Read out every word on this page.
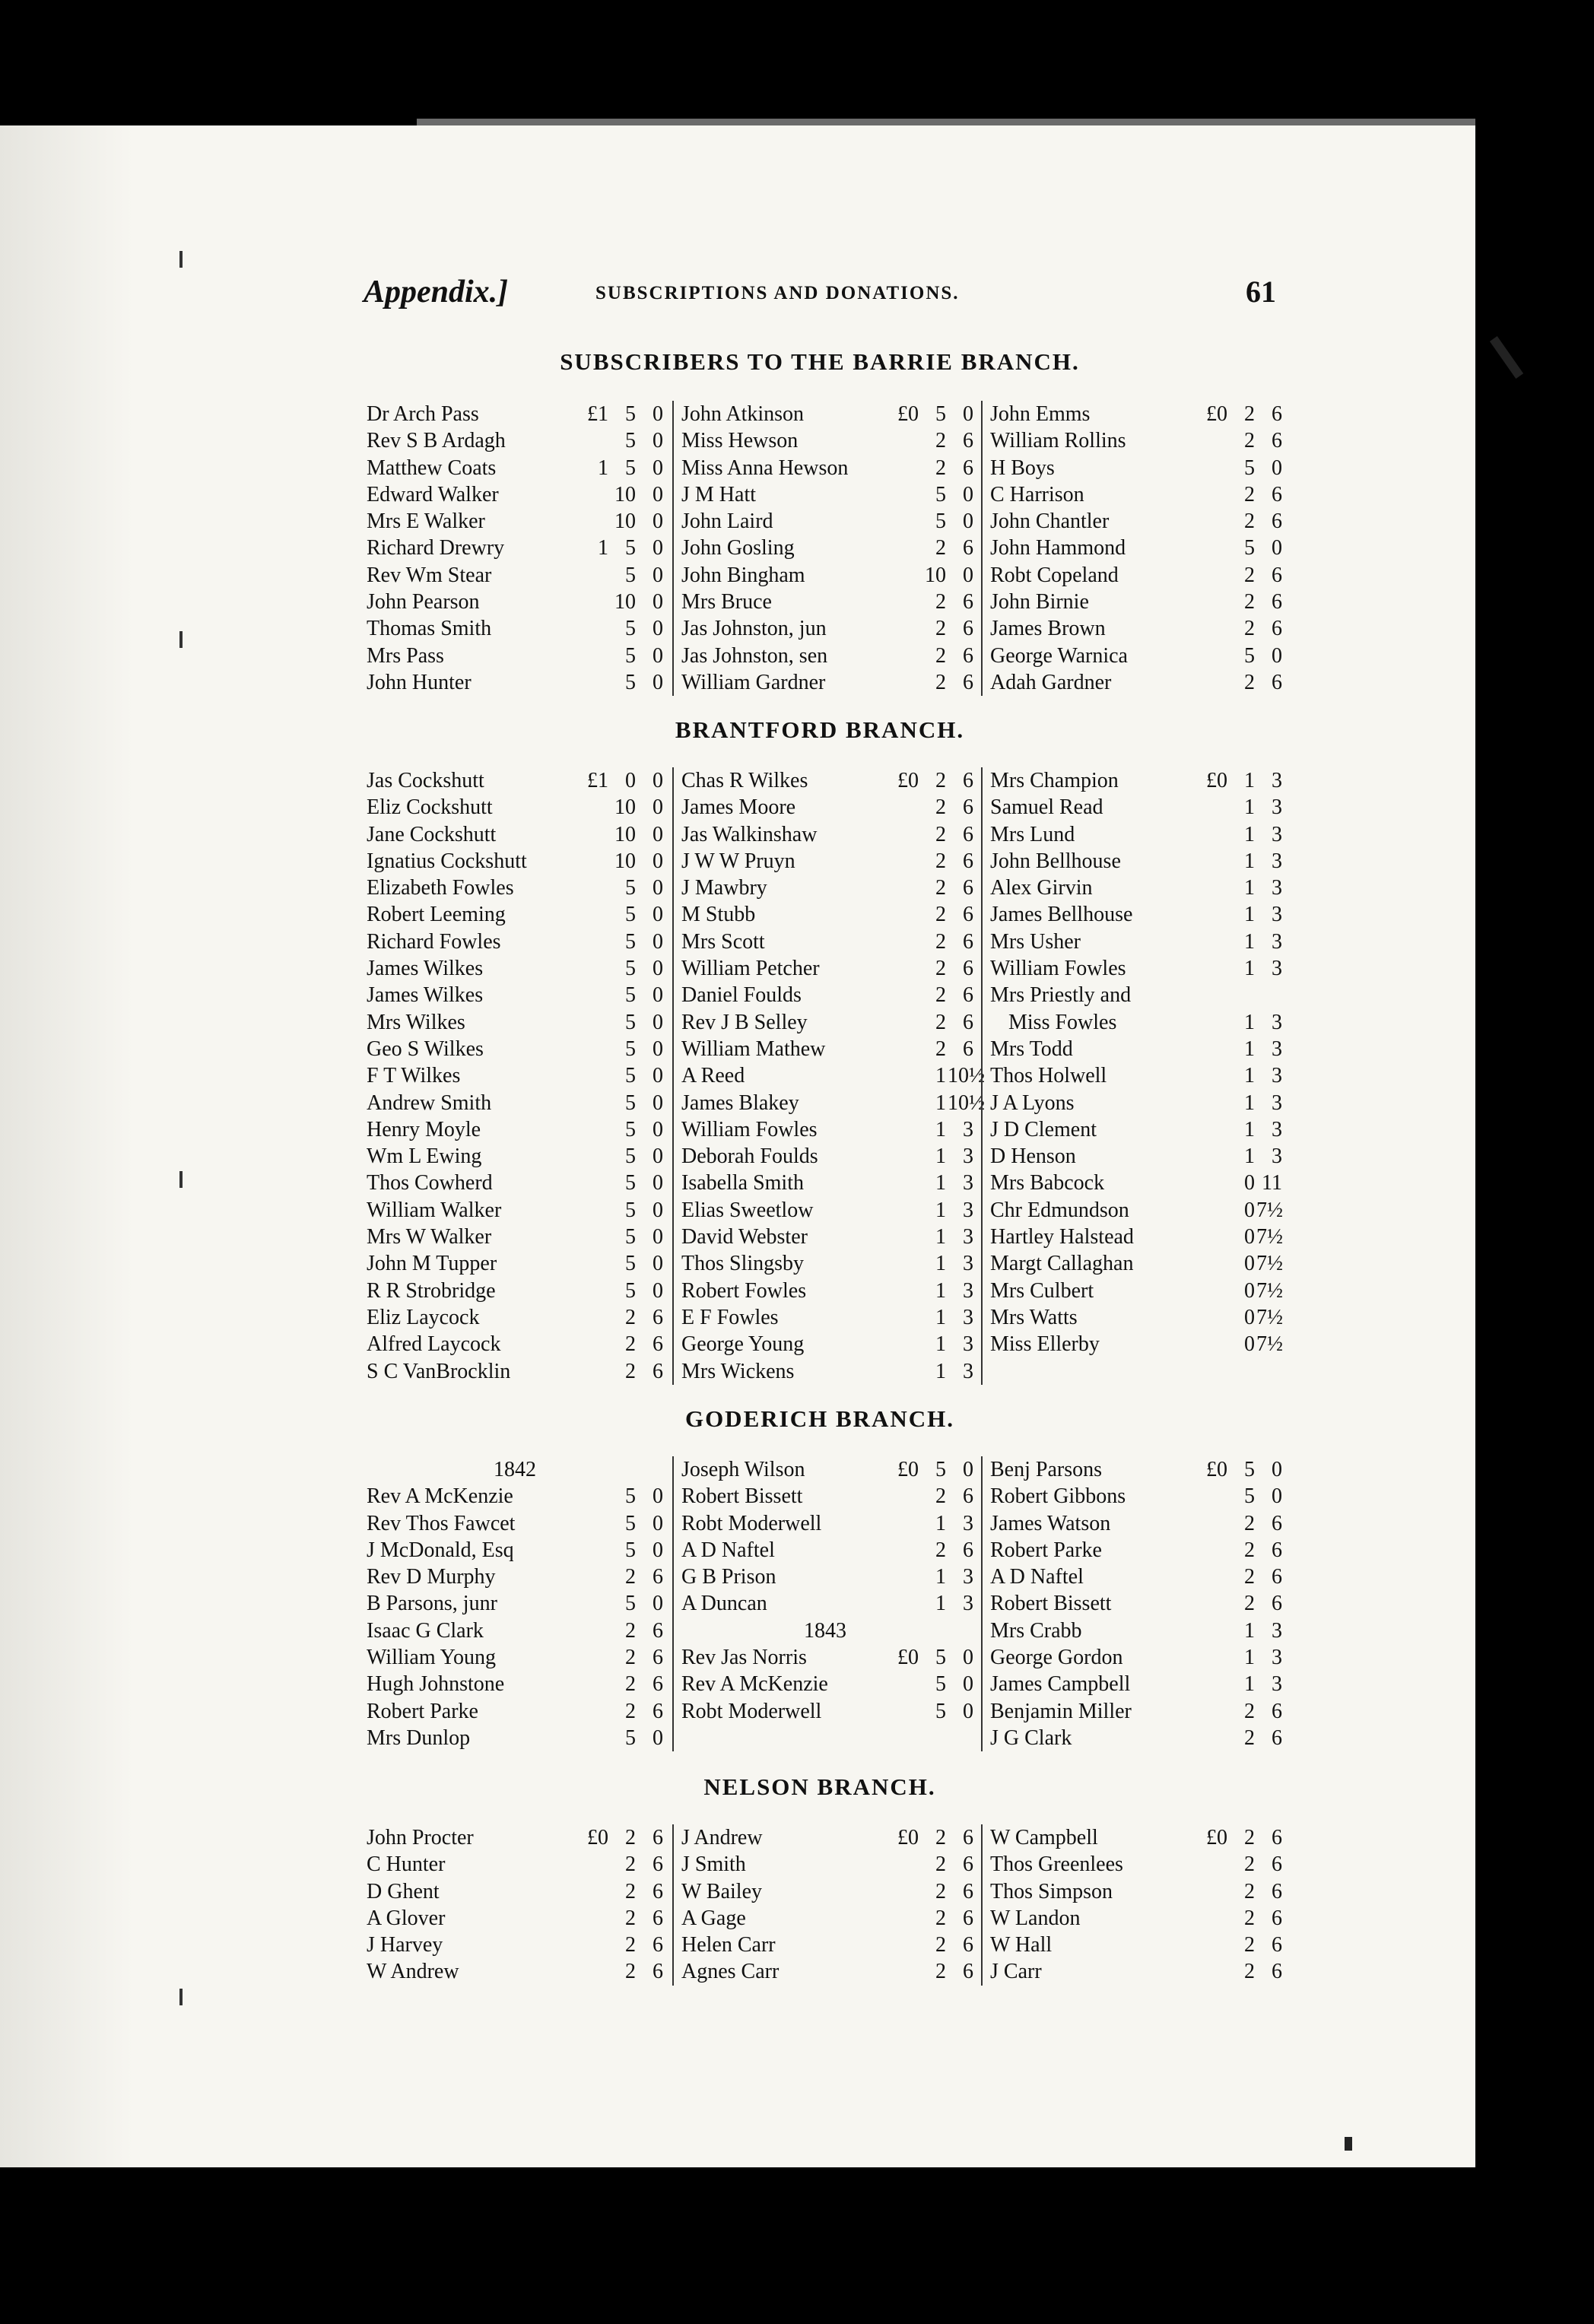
Appendix.]	SUBSCRIPTIONS AND DONATIONS.	61
SUBSCRIBERS TO THE BARRIE BRANCH.
Dr Arch Pass	£1 5 0
Rev S B Ardagh	5 0
Matthew Coats	1 5 0
Edward Walker	10 0
Mrs E Walker	10 0
Richard Drewry	1 5 0
Rev Wm Stear	5 0
John Pearson	10 0
Thomas Smith	5 0
Mrs Pass	5 0
John Hunter	5 0
John Atkinson	£0 5 0
Miss Hewson	2 6
Miss Anna Hewson	2 6
J M Hatt	5 0
John Laird	5 0
John Gosling	2 6
John Bingham	10 0
Mrs Bruce	2 6
Jas Johnston, jun	2 6
Jas Johnston, sen	2 6
William Gardner	2 6
John Emms	£0 2 6
William Rollins	2 6
H Boys	5 0
C Harrison	2 6
John Chantler	2 6
John Hammond	5 0
Robt Copeland	2 6
John Birnie	2 6
James Brown	2 6
George Warnica	5 0
Adah Gardner	2 6
BRANTFORD BRANCH.
Jas Cockshutt	£1 0 0
Eliz Cockshutt	10 0
Jane Cockshutt	10 0
Ignatius Cockshutt	10 0
Elizabeth Fowles	5 0
Robert Leeming	5 0
Richard Fowles	5 0
James Wilkes	5 0
James Wilkes	5 0
Mrs Wilkes	5 0
Geo S Wilkes	5 0
F T Wilkes	5 0
Andrew Smith	5 0
Henry Moyle	5 0
Wm L Ewing	5 0
Thos Cowherd	5 0
William Walker	5 0
Mrs W Walker	5 0
John M Tupper	5 0
R R Strobridge	5 0
Eliz Laycock	2 6
Alfred Laycock	2 6
S C VanBrocklin	2 6
Chas R Wilkes	£0 2 6
James Moore	2 6
Jas Walkinshaw	2 6
J W W Pruyn	2 6
J Mawbry	2 6
M Stubb	2 6
Mrs Scott	2 6
William Petcher	2 6
Daniel Foulds	2 6
Rev J B Selley	2 6
William Mathew	2 6
A Reed	1 10½
James Blakey	1 10½
William Fowles	1 3
Deborah Foulds	1 3
Isabella Smith	1 3
Elias Sweetlow	1 3
David Webster	1 3
Thos Slingsby	1 3
Robert Fowles	1 3
E F Fowles	1 3
George Young	1 3
Mrs Wickens	1 3
Mrs Champion	£0 1 3
Samuel Read	1 3
Mrs Lund	1 3
John Bellhouse	1 3
Alex Girvin	1 3
James Bellhouse	1 3
Mrs Usher	1 3
William Fowles	1 3
Mrs Priestly and
Miss Fowles	1 3
Mrs Todd	1 3
Thos Holwell	1 3
J A Lyons	1 3
J D Clement	1 3
D Henson	1 3
Mrs Babcock	0 11
Chr Edmundson	0 7½
Hartley Halstead	0 7½
Margt Callaghan	0 7½
Mrs Culbert	0 7½
Mrs Watts	0 7½
Miss Ellerby	0 7½
GODERICH BRANCH.
1842
Rev A McKenzie	5 0
Rev Thos Fawcet	5 0
J McDonald, Esq	5 0
Rev D Murphy	2 6
B Parsons, junr	5 0
Isaac G Clark	2 6
William Young	2 6
Hugh Johnstone	2 6
Robert Parke	2 6
Mrs Dunlop	5 0
Joseph Wilson	£0 5 0
Robert Bissett	2 6
Robt Moderwell	1 3
A D Naftel	2 6
G B Prison	1 3
A Duncan	1 3
1843
Rev Jas Norris	£0 5 0
Rev A McKenzie	5 0
Robt Moderwell	5 0
Benj Parsons	£0 5 0
Robert Gibbons	5 0
James Watson	2 6
Robert Parke	2 6
A D Naftel	2 6
Robert Bissett	2 6
Mrs Crabb	1 3
George Gordon	1 3
James Campbell	1 3
Benjamin Miller	2 6
J G Clark	2 6
NELSON BRANCH.
John Procter	£0 2 6
C Hunter	2 6
D Ghent	2 6
A Glover	2 6
J Harvey	2 6
W Andrew	2 6
J Andrew	£0 2 6
J Smith	2 6
W Bailey	2 6
A Gage	2 6
Helen Carr	2 6
Agnes Carr	2 6
W Campbell	£0 2 6
Thos Greenlees	2 6
Thos Simpson	2 6
W Landon	2 6
W Hall	2 6
J Carr	2 6
